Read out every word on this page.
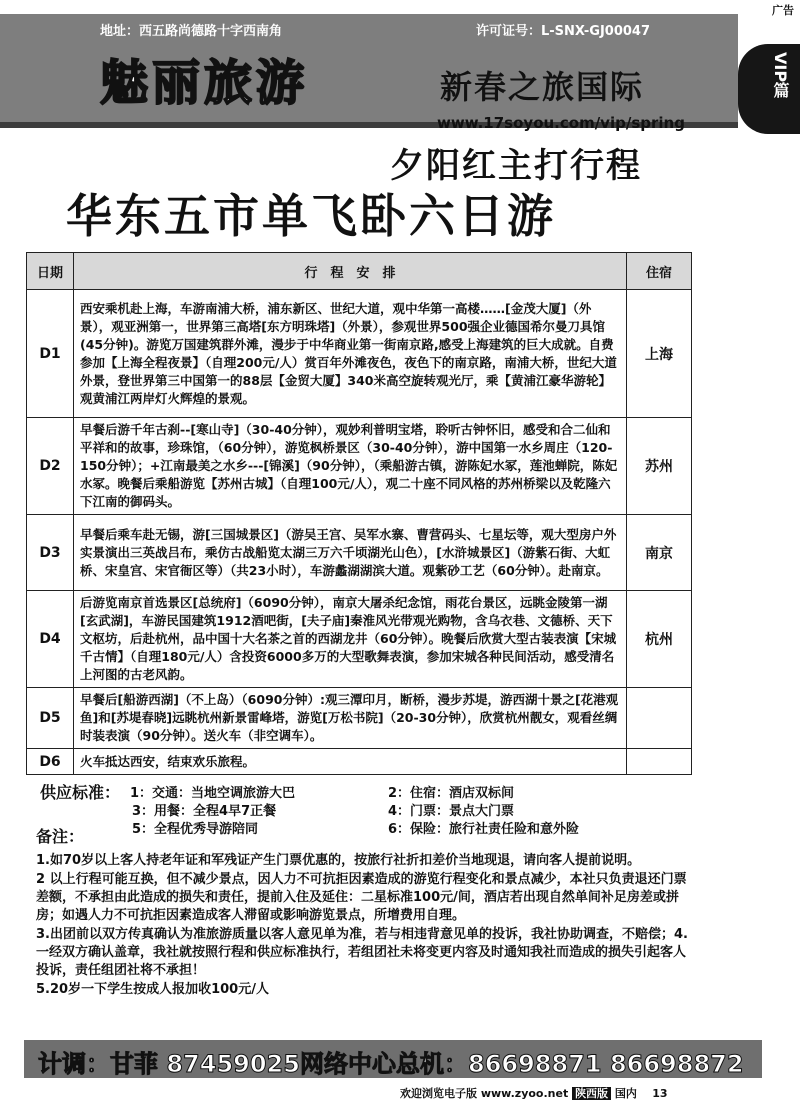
广告
地址：西五路尚德路十字西南角	许可证号：L-SNX-GJ00047
魅丽旅游	新春之旅国际
www.17soyou.com/vip/spring
VIP篇
夕阳红主打行程
华东五市单飞卧六日游
日期	行　程　安　排	住宿
D1	西安乘机赴上海，车游南浦大桥，浦东新区、世纪大道，观中华第一高楼……[金茂大厦]（外景），观亚洲第一，世界第三高塔[东方明珠塔]（外景），参观世界500强企业德国希尔曼刀具馆(45分钟)。游览万国建筑群外滩，漫步于中华商业第一街南京路,感受上海建筑的巨大成就。自费参加【上海全程夜景】（自理200元/人）赏百年外滩夜色，夜色下的南京路，南浦大桥，世纪大道外景，登世界第三中国第一的88层【金贸大厦】340米高空旋转观光厅，乘【黄浦江豪华游轮】观黄浦江两岸灯火辉煌的景观。	上海
D2	早餐后游千年古刹--[寒山寺]（30-40分钟），观妙利普明宝塔，聆听古钟怀旧，感受和合二仙和平祥和的故事，珍珠馆，（60分钟），游览枫桥景区（30-40分钟），游中国第一水乡周庄（120-150分钟）；+江南最美之水乡---[锦溪]（90分钟），（乘船游古镇，游陈妃水冢，莲池蝉院，陈妃水冢。晚餐后乘船游览【苏州古城】（自理100元/人），观二十座不同风格的苏州桥梁以及乾隆六下江南的御码头。	苏州
D3	早餐后乘车赴无锡，游[三国城景区]（游吴王宫、吴军水寨、曹营码头、七星坛等，观大型房户外实景演出三英战吕布，乘仿古战船览太湖三万六千顷湖光山色），[水浒城景区]（游紫石街、大虹桥、宋皇宫、宋官衙区等）（共23小时），车游蠡湖湖滨大道。观紫砂工艺（60分钟）。赴南京。	南京
D4	后游览南京首选景区[总统府]（6090分钟），南京大屠杀纪念馆，雨花台景区，远眺金陵第一湖[玄武湖]，车游民国建筑1912酒吧街，[夫子庙]秦淮风光带观光购物，含乌衣巷、文德桥、天下文枢坊，后赴杭州，品中国十大名茶之首的西湖龙井（60分钟）。晚餐后欣赏大型古装表演【宋城千古情】（自理180元/人）含投资6000多万的大型歌舞表演，参加宋城各种民间活动，感受清名上河图的古老风韵。	杭州
D5	早餐后[船游西湖]（不上岛）（6090分钟）:观三潭印月，断桥，漫步苏堤，游西湖十景之[花港观鱼]和[苏堤春晓]远眺杭州新景雷峰塔，游览[万松书院]（20-30分钟），欣赏杭州靓女，观看丝绸时装表演（90分钟）。送火车（非空调车）。	
D6	火车抵达西安，结束欢乐旅程。	
供应标准： 1：交通：当地空调旅游大巴	2：住宿：酒店双标间
3：用餐：全程4早7正餐	4：门票：景点大门票
5：全程优秀导游陪同	6：保险：旅行社责任险和意外险
备注：

1.如70岁以上客人持老年证和军残证产生门票优惠的，按旅行社折扣差价当地现退，请向客人提前说明。

2 以上行程可能互换，但不减少景点，因人力不可抗拒因素造成的游览行程变化和景点减少，本社只负责退还门票差额，不承担由此造成的损失和责任，提前入住及延住：二星标准100元/间，酒店若出现自然单间补足房差或拼房；如遇人力不可抗拒因素造成客人滞留或影响游览景点，所增费用自理。

3.出团前以双方传真确认为准旅游质量以客人意见单为准，若与相违背意见单的投诉，我社协助调查，不赔偿；4. 一经双方确认盖章，我社就按照行程和供应标准执行，若组团社未将变更内容及时通知我社而造成的损失引起客人投诉，责任组团社将不承担！

5.20岁一下学生按成人报加收100元/人

计调：甘菲 87459025 网络中心总机：86698871 86698872
欢迎浏览电子版 www.zyoo.net 陕西版 国内 13
